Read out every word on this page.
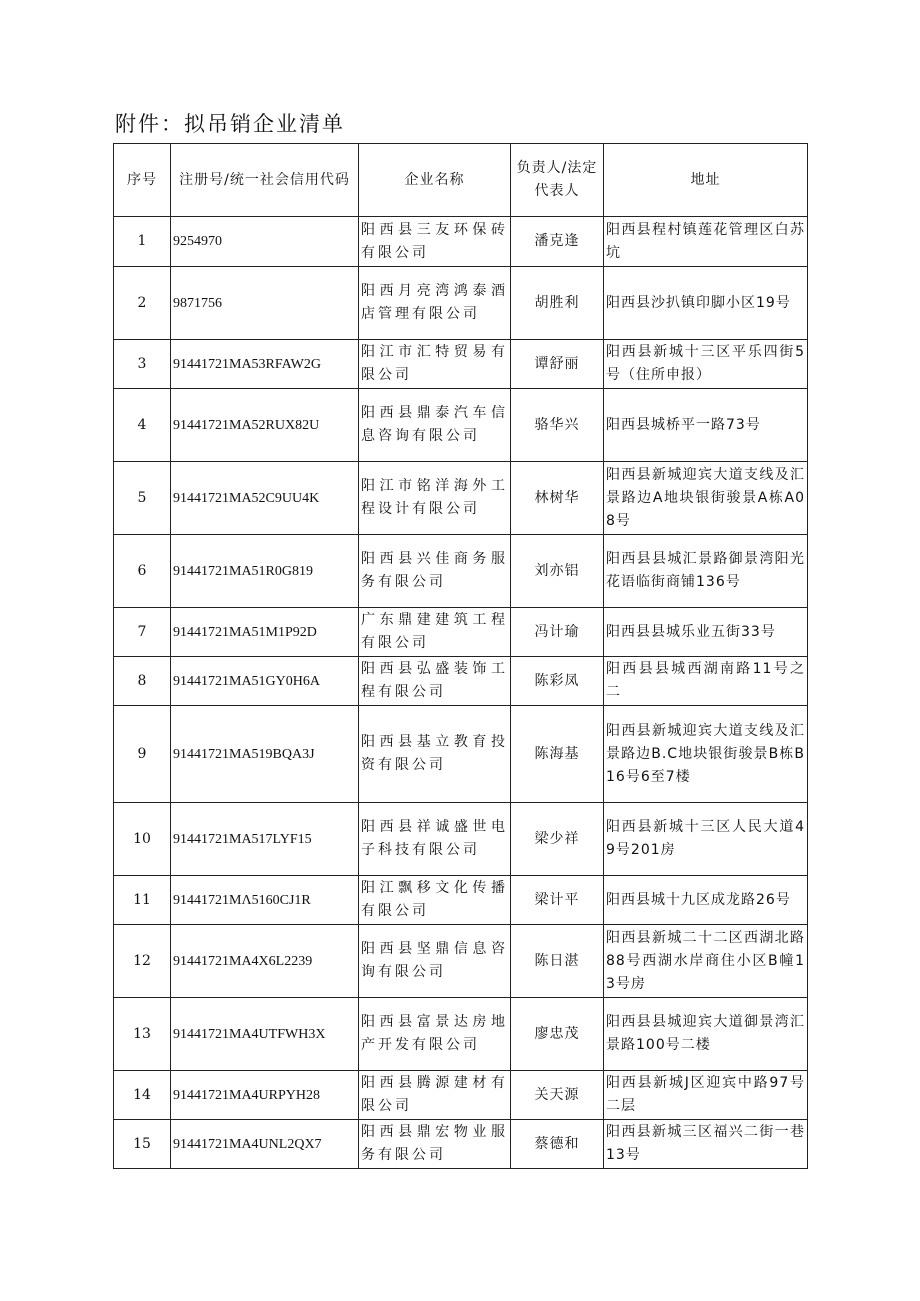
附件：拟吊销企业清单
序号	注册号/统一社会信用代码	企业名称	负责人/法定代表人	地址
1	9254970	阳西县三友环保砖有限公司	潘克逢	阳西县程村镇莲花管理区白苏坑
2	9871756	阳西月亮湾鸿泰酒店管理有限公司	胡胜利	阳西县沙扒镇印脚小区19号
3	91441721MA53RFAW2G	阳江市汇特贸易有限公司	谭舒丽	阳西县新城十三区平乐四街5号（住所申报）
4	91441721MA52RUX82U	阳西县鼎泰汽车信息咨询有限公司	骆华兴	阳西县城桥平一路73号
5	91441721MA52C9UU4K	阳江市铭洋海外工程设计有限公司	林树华	阳西县新城迎宾大道支线及汇景路边A地块银街骏景A栋A08号
6	91441721MA51R0G819	阳西县兴佳商务服务有限公司	刘亦铝	阳西县县城汇景路御景湾阳光花语临街商铺136号
7	91441721MA51M1P92D	广东鼎建建筑工程有限公司	冯计瑜	阳西县县城乐业五街33号
8	91441721MA51GY0H6A	阳西县弘盛装饰工程有限公司	陈彩凤	阳西县县城西湖南路11号之二
9	91441721MA519BQA3J	阳西县基立教育投资有限公司	陈海基	阳西县新城迎宾大道支线及汇景路边B.C地块银街骏景B栋B16号6至7楼
10	91441721MA517LYF15	阳西县祥诚盛世电子科技有限公司	梁少祥	阳西县新城十三区人民大道49号201房
11	91441721MΛ5160CJ1R	阳江飘移文化传播有限公司	梁计平	阳西县城十九区成龙路26号
12	91441721MA4X6L2239	阳西县坚鼎信息咨询有限公司	陈日湛	阳西县新城二十二区西湖北路88号西湖水岸商住小区B幢13号房
13	91441721MA4UTFWH3X	阳西县富景达房地产开发有限公司	廖忠茂	阳西县县城迎宾大道御景湾汇景路100号二楼
14	91441721MA4URPYH28	阳西县腾源建材有限公司	关天源	阳西县新城J区迎宾中路97号二层
15	91441721MA4UNL2QX7	阳西县鼎宏物业服务有限公司	蔡德和	阳西县新城三区福兴二街一巷13号
